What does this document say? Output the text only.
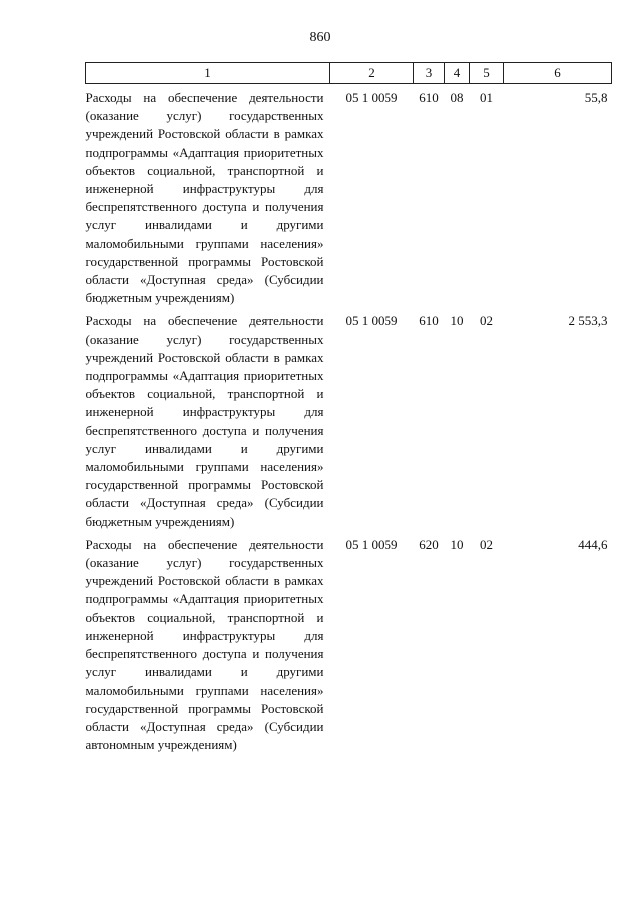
860
1	2	3	4	5	6
Расходы на обеспечение деятельности (оказание услуг) государственных учреждений Ростовской области в рамках подпрограммы «Адаптация приоритетных объектов социальной, транспортной и инженерной инфраструктуры для беспрепятственного доступа и получения услуг инвалидами и другими маломобильными группами населения» государственной программы Ростовской области «Доступная среда» (Субсидии бюджетным учреждениям)	05 1 0059	610	08	01	55,8
Расходы на обеспечение деятельности (оказание услуг) государственных учреждений Ростовской области в рамках подпрограммы «Адаптация приоритетных объектов социальной, транспортной и инженерной инфраструктуры для беспрепятственного доступа и получения услуг инвалидами и другими маломобильными группами населения» государственной программы Ростовской области «Доступная среда» (Субсидии бюджетным учреждениям)	05 1 0059	610	10	02	2 553,3
Расходы на обеспечение деятельности (оказание услуг) государственных учреждений Ростовской области в рамках подпрограммы «Адаптация приоритетных объектов социальной, транспортной и инженерной инфраструктуры для беспрепятственного доступа и получения услуг инвалидами и другими маломобильными группами населения» государственной программы Ростовской области «Доступная среда» (Субсидии автономным учреждениям)	05 1 0059	620	10	02	444,6
